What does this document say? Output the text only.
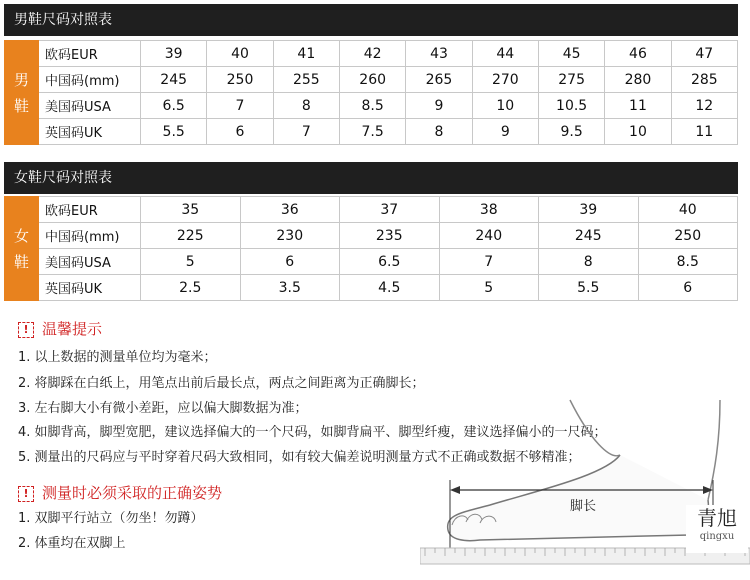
男鞋尺码对照表
男
鞋	欧码EUR	39	40	41	42	43	44	45	46	47
	中国码(mm)	245	250	255	260	265	270	275	280	285
	美国码USA	6.5	7	8	8.5	9	10	10.5	11	12
	英国码UK	5.5	6	7	7.5	8	9	9.5	10	11
女鞋尺码对照表
女
鞋	欧码EUR	35	36	37	38	39	40
	中国码(mm)	225	230	235	240	245	250
	美国码USA	5	6	6.5	7	8	8.5
	英国码UK	2.5	3.5	4.5	5	5.5	6
! 温馨提示
1. 以上数据的测量单位均为毫米；
2. 将脚踩在白纸上，用笔点出前后最长点，两点之间距离为正确脚长；
3. 左右脚大小有微小差距，应以偏大脚数据为准；
4. 如脚背高，脚型宽肥，建议选择偏大的一个尺码，如脚背扁平、脚型纤瘦，建议选择偏小的一尺码；
5. 测量出的尺码应与平时穿着尺码大致相同，如有较大偏差说明测量方式不正确或数据不够精准；
脚长
! 测量时必须采取的正确姿势
1. 双脚平行站立（勿坐！勿蹲）
2. 体重均在双脚上
青旭
qingxu
